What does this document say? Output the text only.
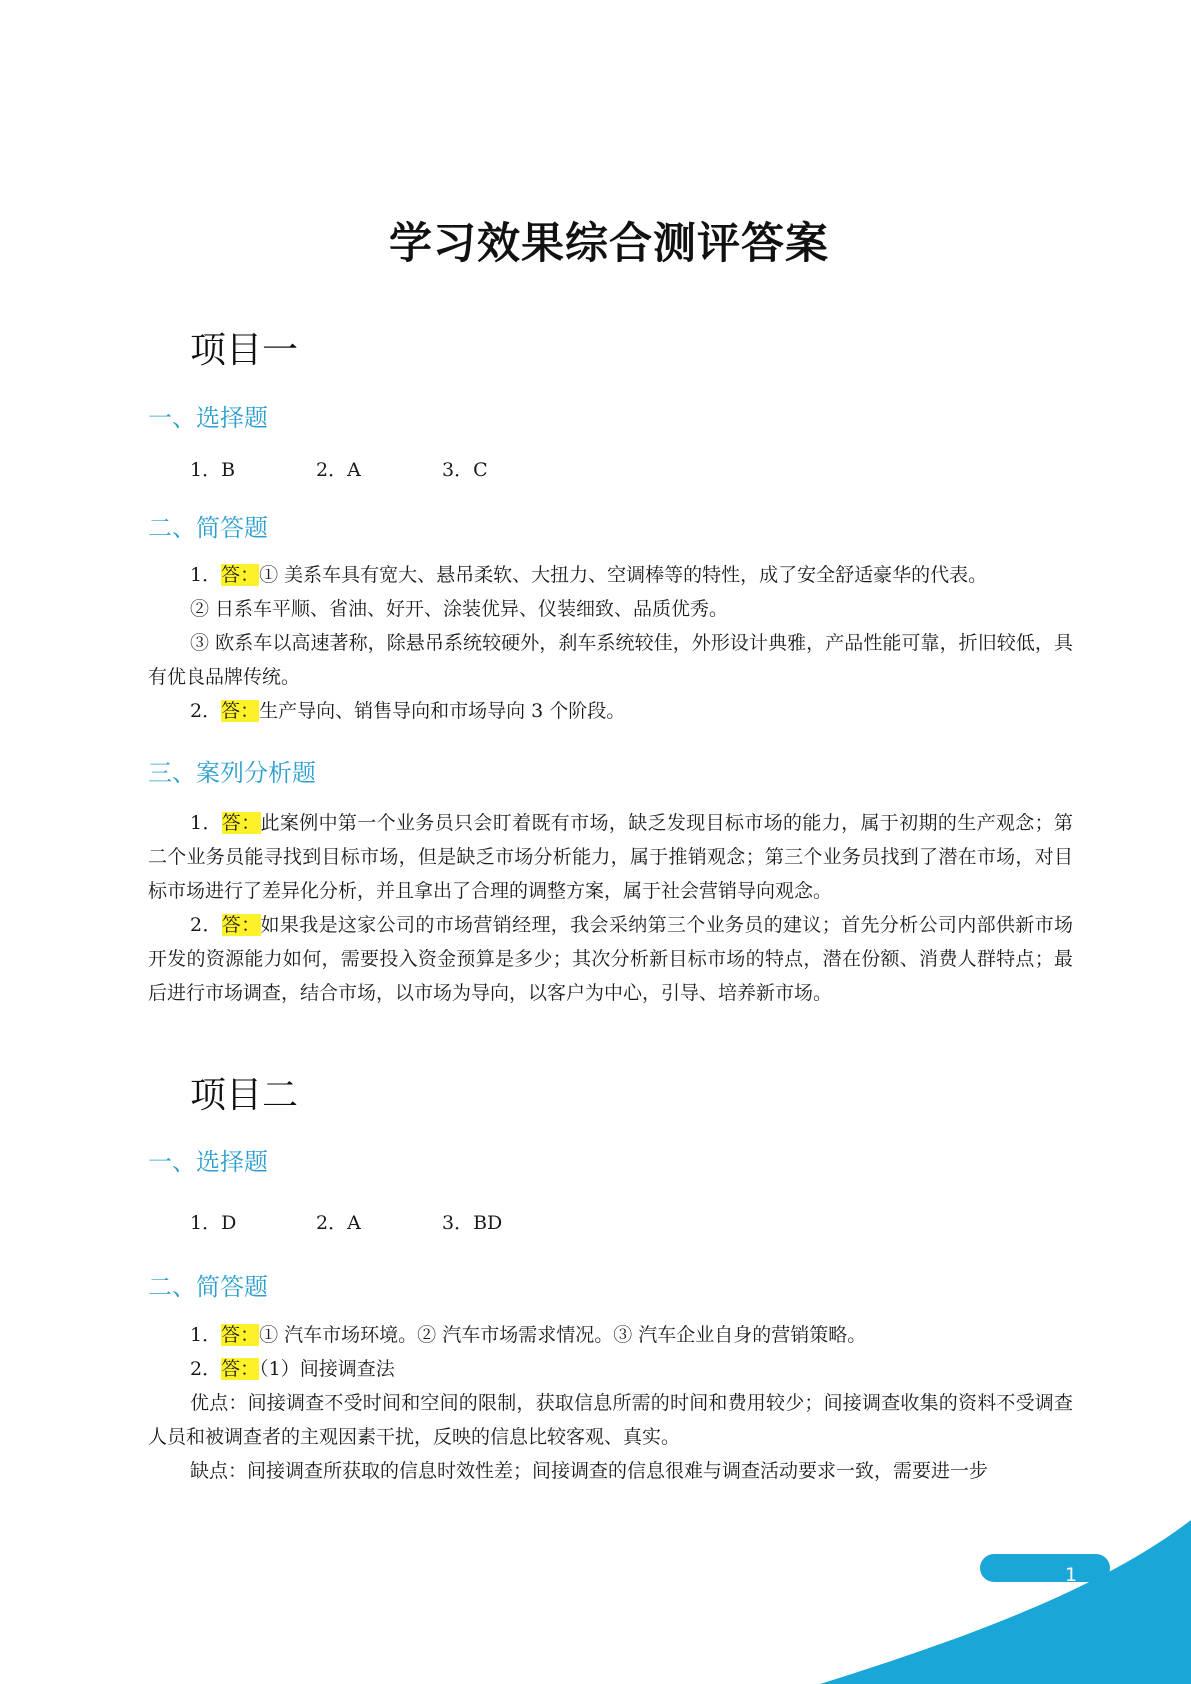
学习效果综合测评答案
项目一
一、选择题
1．B	2．A	3．C
二、简答题

1．答：① 美系车具有宽大、悬吊柔软、大扭力、空调棒等的特性，成了安全舒适豪华的代表。

② 日系车平顺、省油、好开、涂装优异、仪装细致、品质优秀。

③ 欧系车以高速著称，除悬吊系统较硬外，刹车系统较佳，外形设计典雅，产品性能可靠，折旧较低，具有优良品牌传统。

2．答：生产导向、销售导向和市场导向 3 个阶段。

三、案列分析题

1．答：此案例中第一个业务员只会盯着既有市场，缺乏发现目标市场的能力，属于初期的生产观念；第二个业务员能寻找到目标市场，但是缺乏市场分析能力，属于推销观念；第三个业务员找到了潜在市场，对目标市场进行了差异化分析，并且拿出了合理的调整方案，属于社会营销导向观念。

2．答：如果我是这家公司的市场营销经理，我会采纳第三个业务员的建议；首先分析公司内部供新市场开发的资源能力如何，需要投入资金预算是多少；其次分析新目标市场的特点，潜在份额、消费人群特点；最后进行市场调查，结合市场，以市场为导向，以客户为中心，引导、培养新市场。

项目二
一、选择题
1．D	2．A	3．BD
二、简答题

1．答：① 汽车市场环境。② 汽车市场需求情况。③ 汽车企业自身的营销策略。

2．答：（1）间接调查法

优点：间接调查不受时间和空间的限制，获取信息所需的时间和费用较少；间接调查收集的资料不受调查人员和被调查者的主观因素干扰，反映的信息比较客观、真实。

缺点：间接调查所获取的信息时效性差；间接调查的信息很难与调查活动要求一致，需要进一步

1
